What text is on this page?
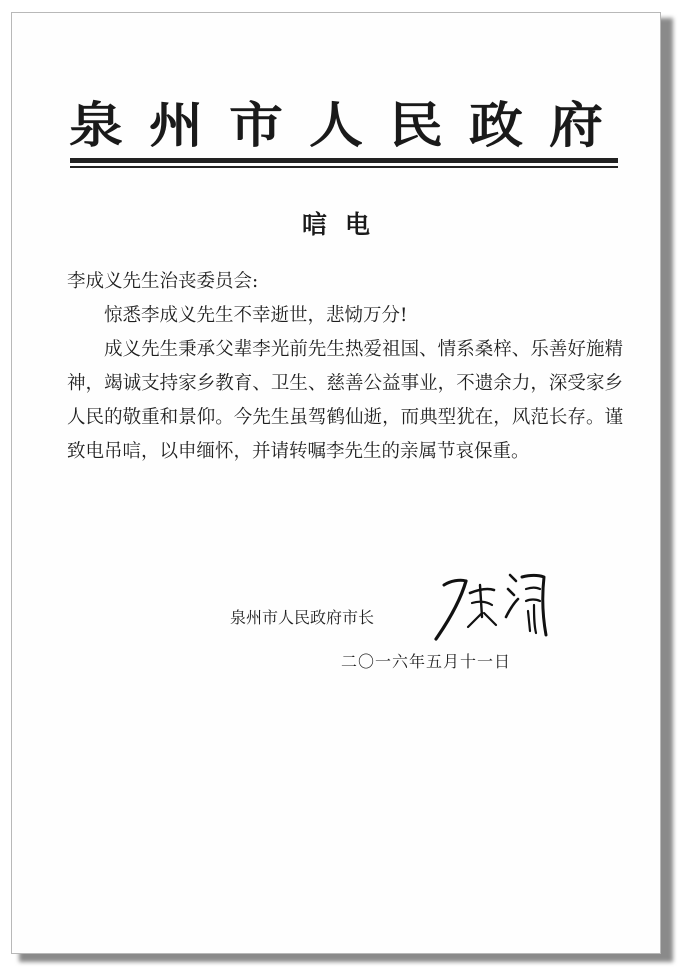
泉州市人民政府
唁电

李成义先生治丧委员会:

惊悉李成义先生不幸逝世，悲恸万分!

成义先生秉承父辈李光前先生热爱祖国、情系桑梓、乐善好施精神，竭诚支持家乡教育、卫生、慈善公益事业，不遗余力，深受家乡人民的敬重和景仰。今先生虽驾鹤仙逝，而典型犹在，风范长存。谨致电吊唁，以申缅怀，并请转嘱李先生的亲属节哀保重。

泉州市人民政府市长
二〇一六年五月十一日
